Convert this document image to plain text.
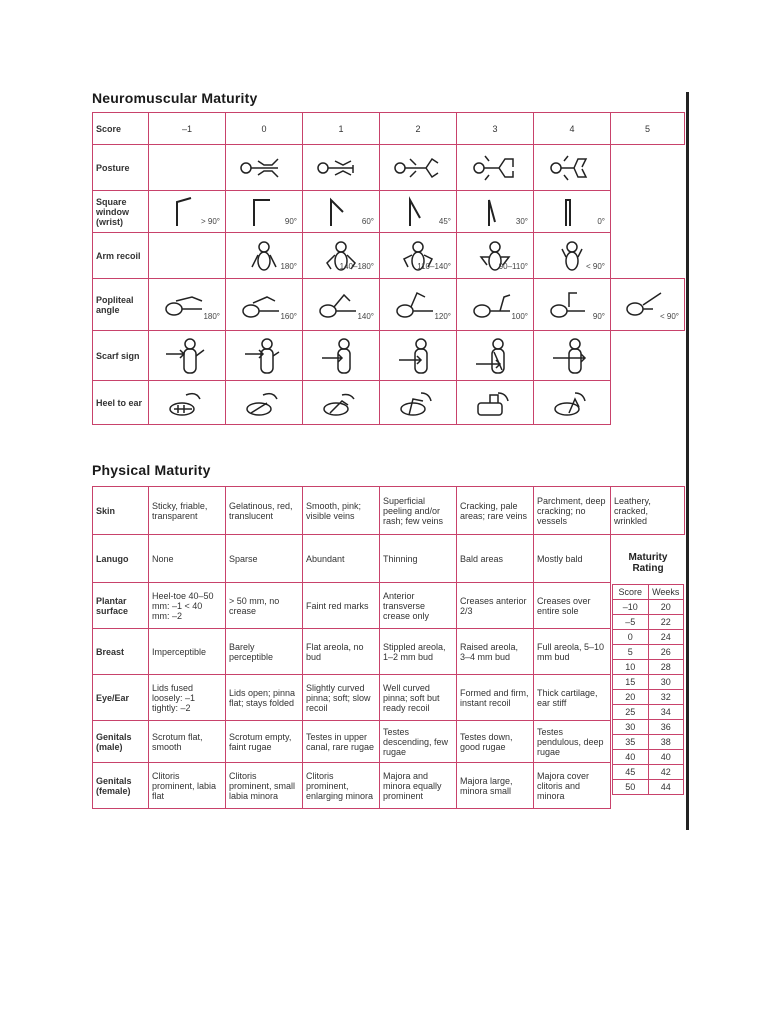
Neuromuscular Maturity
Score	–1	0	1	2	3	4	5
Posture		

Square window (wrist)	> 90°	90°	60°	45°	30°	0°	

Arm recoil		180°	140–180°	110–140°	90–110°	< 90°	

Popliteal angle	180°	160°	140°	120°	100°	90°	< 90°

Scarf sign	

Heel to ear	

Physical Maturity
Skin	Sticky, friable, transparent	Gelatinous, red, translucent	Smooth, pink; visible veins	Superficial peeling and/or rash; few veins	Cracking, pale areas; rare veins	Parchment, deep cracking; no vessels	Leathery, cracked, wrinkled
Lanugo	None	Sparse	Abundant	Thinning	Bald areas	Mostly bald	
Plantar surface	Heel-toe 40–50 mm: –1 < 40 mm: –2	> 50 mm, no crease	Faint red marks	Anterior transverse crease only	Creases anterior 2/3	Creases over entire sole	
Breast	Imperceptible	Barely perceptible	Flat areola, no bud	Stippled areola, 1–2 mm bud	Raised areola, 3–4 mm bud	Full areola, 5–10 mm bud	
Eye/Ear	Lids fused loosely: –1 tightly: –2	Lids open; pinna flat; stays folded	Slightly curved pinna; soft; slow recoil	Well curved pinna; soft but ready recoil	Formed and firm, instant recoil	Thick cartilage, ear stiff	
Genitals (male)	Scrotum flat, smooth	Scrotum empty, faint rugae	Testes in upper canal, rare rugae	Testes descending, few rugae	Testes down, good rugae	Testes pendulous, deep rugae	
Genitals (female)	Clitoris prominent, labia flat	Clitoris prominent, small labia minora	Clitoris prominent, enlarging minora	Majora and minora equally prominent	Majora large, minora small	Majora cover clitoris and minora	
Maturity Rating
Score	Weeks
–10	20
–5	22
0	24
5	26
10	28
15	30
20	32
25	34
30	36
35	38
40	40
45	42
50	44
